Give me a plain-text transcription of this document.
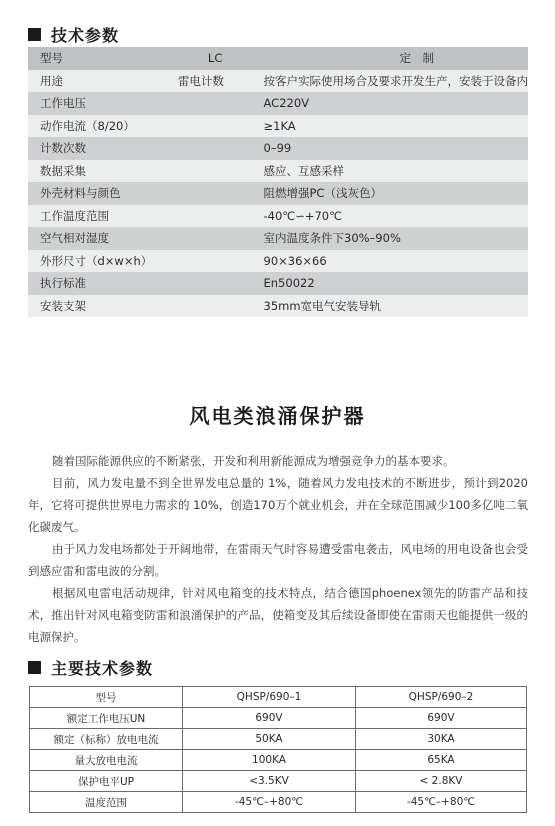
技术参数
型号	LC	定　制
用途	雷电计数	按客户实际使用场合及要求开发生产，安装于设备内
工作电压		AC220V
动作电流（8/20）		≥1KA
计数次数		0–99
数据采集		感应、互感采样
外壳材料与颜色		阻燃增强PC（浅灰色）
工作温度范围		-40℃∽+70℃
空气相对湿度		室内温度条件下30%–90%
外形尺寸（d×w×h）		90×36×66
执行标准		En50022
安装支架		35mm宽电气安装导轨
风电类浪涌保护器
随着国际能源供应的不断紧张，开发和利用新能源成为增强竞争力的基本要求。
目前，风力发电量不到全世界发电总量的 1%，随着风力发电技术的不断进步，预计到2020年，它将可提供世界电力需求的 10%，创造170万个就业机会，并在全球范围减少100多亿吨二氧化碳废气。
由于风力发电场都处于开阔地带，在雷雨天气时容易遭受雷电袭击，风电场的用电设备也会受到感应雷和雷电波的分割。
根据风电雷电活动规律，针对风电箱变的技术特点，结合德国phoenex领先的防雷产品和技术，推出针对风电箱变防雷和浪涌保护的产品，使箱变及其后续设备即使在雷雨天也能提供一级的电源保护。
主要技术参数
型号	QHSP/690–1	QHSP/690–2
额定工作电压UN	690V	690V
额定（标称）放电电流	50KA	30KA
量大放电电流	100KA	65KA
保护电平UP	<3.5KV	< 2.8KV
温度范围	-45℃–+80℃	-45℃–+80℃
